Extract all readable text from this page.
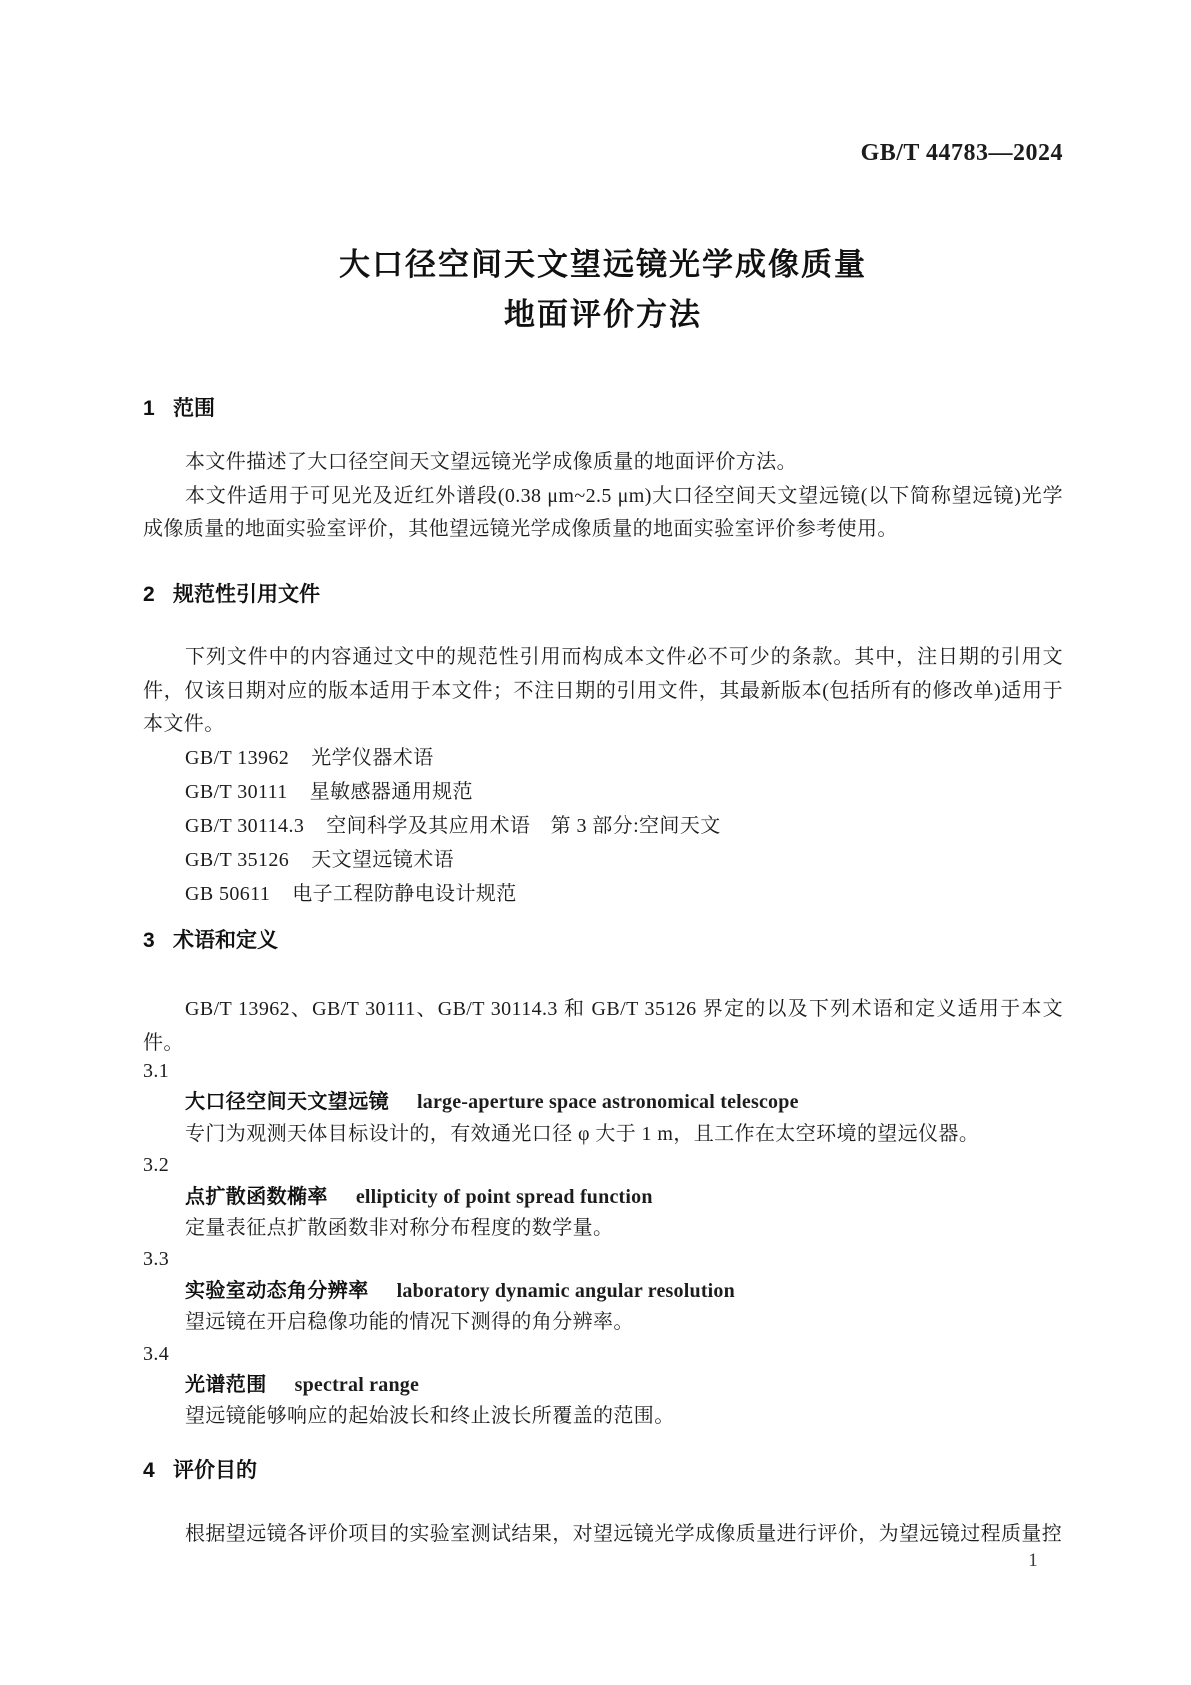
GB/T 44783—2024
大口径空间天文望远镜光学成像质量
地面评价方法
1 范围
本文件描述了大口径空间天文望远镜光学成像质量的地面评价方法。
本文件适用于可见光及近红外谱段(0.38 μm~2.5 μm)大口径空间天文望远镜(以下简称望远镜)光学成像质量的地面实验室评价，其他望远镜光学成像质量的地面实验室评价参考使用。
2 规范性引用文件
下列文件中的内容通过文中的规范性引用而构成本文件必不可少的条款。其中，注日期的引用文件，仅该日期对应的版本适用于本文件；不注日期的引用文件，其最新版本(包括所有的修改单)适用于本文件。
GB/T 13962 光学仪器术语
GB/T 30111 星敏感器通用规范
GB/T 30114.3 空间科学及其应用术语　第 3 部分:空间天文
GB/T 35126 天文望远镜术语
GB 50611 电子工程防静电设计规范
3 术语和定义
GB/T 13962、GB/T 30111、GB/T 30114.3 和 GB/T 35126 界定的以及下列术语和定义适用于本文件。
3.1
大口径空间天文望远镜 large-aperture space astronomical telescope
专门为观测天体目标设计的，有效通光口径 φ 大于 1 m，且工作在太空环境的望远仪器。
3.2
点扩散函数椭率 ellipticity of point spread function
定量表征点扩散函数非对称分布程度的数学量。
3.3
实验室动态角分辨率 laboratory dynamic angular resolution
望远镜在开启稳像功能的情况下测得的角分辨率。
3.4
光谱范围 spectral range
望远镜能够响应的起始波长和终止波长所覆盖的范围。
4 评价目的
根据望远镜各评价项目的实验室测试结果，对望远镜光学成像质量进行评价，为望远镜过程质量控
1
